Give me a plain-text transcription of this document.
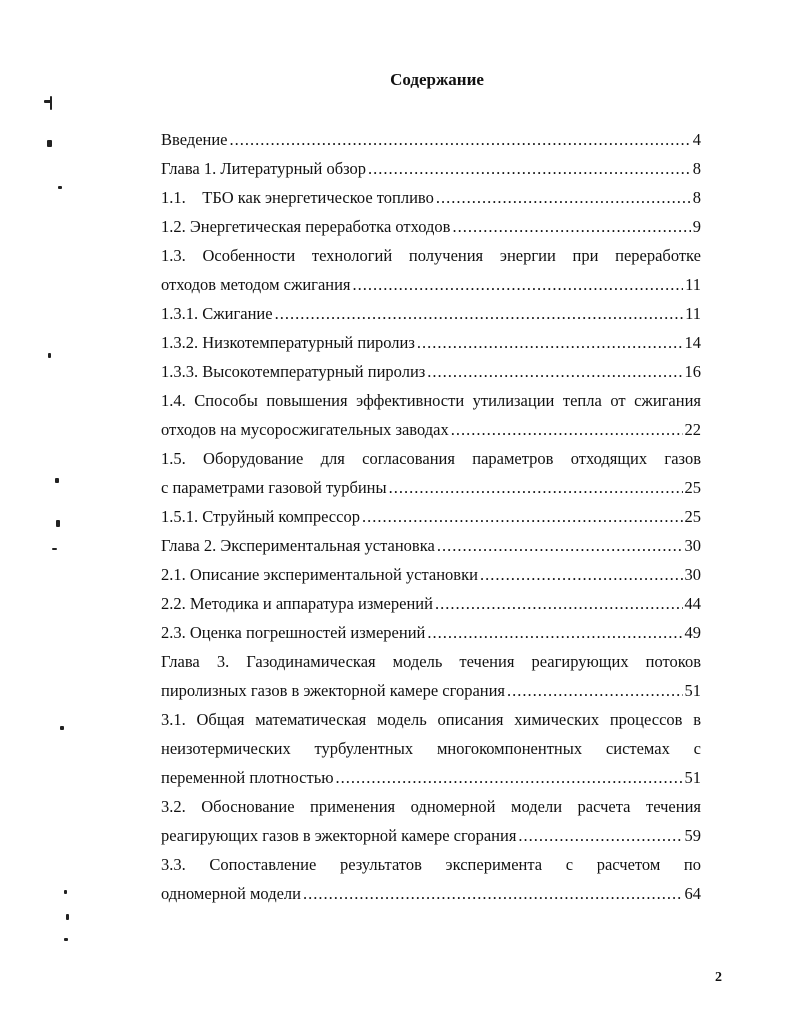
Содержание
Введение .....	4
Глава 1. Литературный обзор .....	8
1.1.    ТБО как энергетическое топливо .....	8
1.2. Энергетическая переработка отходов .....	9
1.3. Особенности технологий получения энергии при переработке
отходов методом сжигания .....	11
1.3.1. Сжигание .....	11
1.3.2. Низкотемпературный пиролиз .....	14
1.3.3. Высокотемпературный пиролиз .....	16
1.4. Способы повышения эффективности утилизации тепла от сжигания
отходов на мусоросжигательных заводах .....	22
1.5. Оборудование для согласования параметров отходящих газов
с параметрами газовой турбины .....	25
1.5.1. Струйный компрессор .....	25
Глава 2. Экспериментальная установка .....	30
2.1. Описание экспериментальной установки .....	30
2.2. Методика и аппаратура измерений .....	44
2.3. Оценка погрешностей измерений .....	49
Глава 3. Газодинамическая модель течения реагирующих потоков
пиролизных газов в эжекторной камере сгорания .....	51
3.1. Общая математическая модель описания химических процессов в
неизотермических турбулентных многокомпонентных системах с
переменной плотностью .....	51
3.2. Обоснование применения одномерной модели расчета течения
реагирующих газов в эжекторной камере сгорания .....	59
3.3. Сопоставление результатов эксперимента с расчетом по
одномерной модели .....	64
2
